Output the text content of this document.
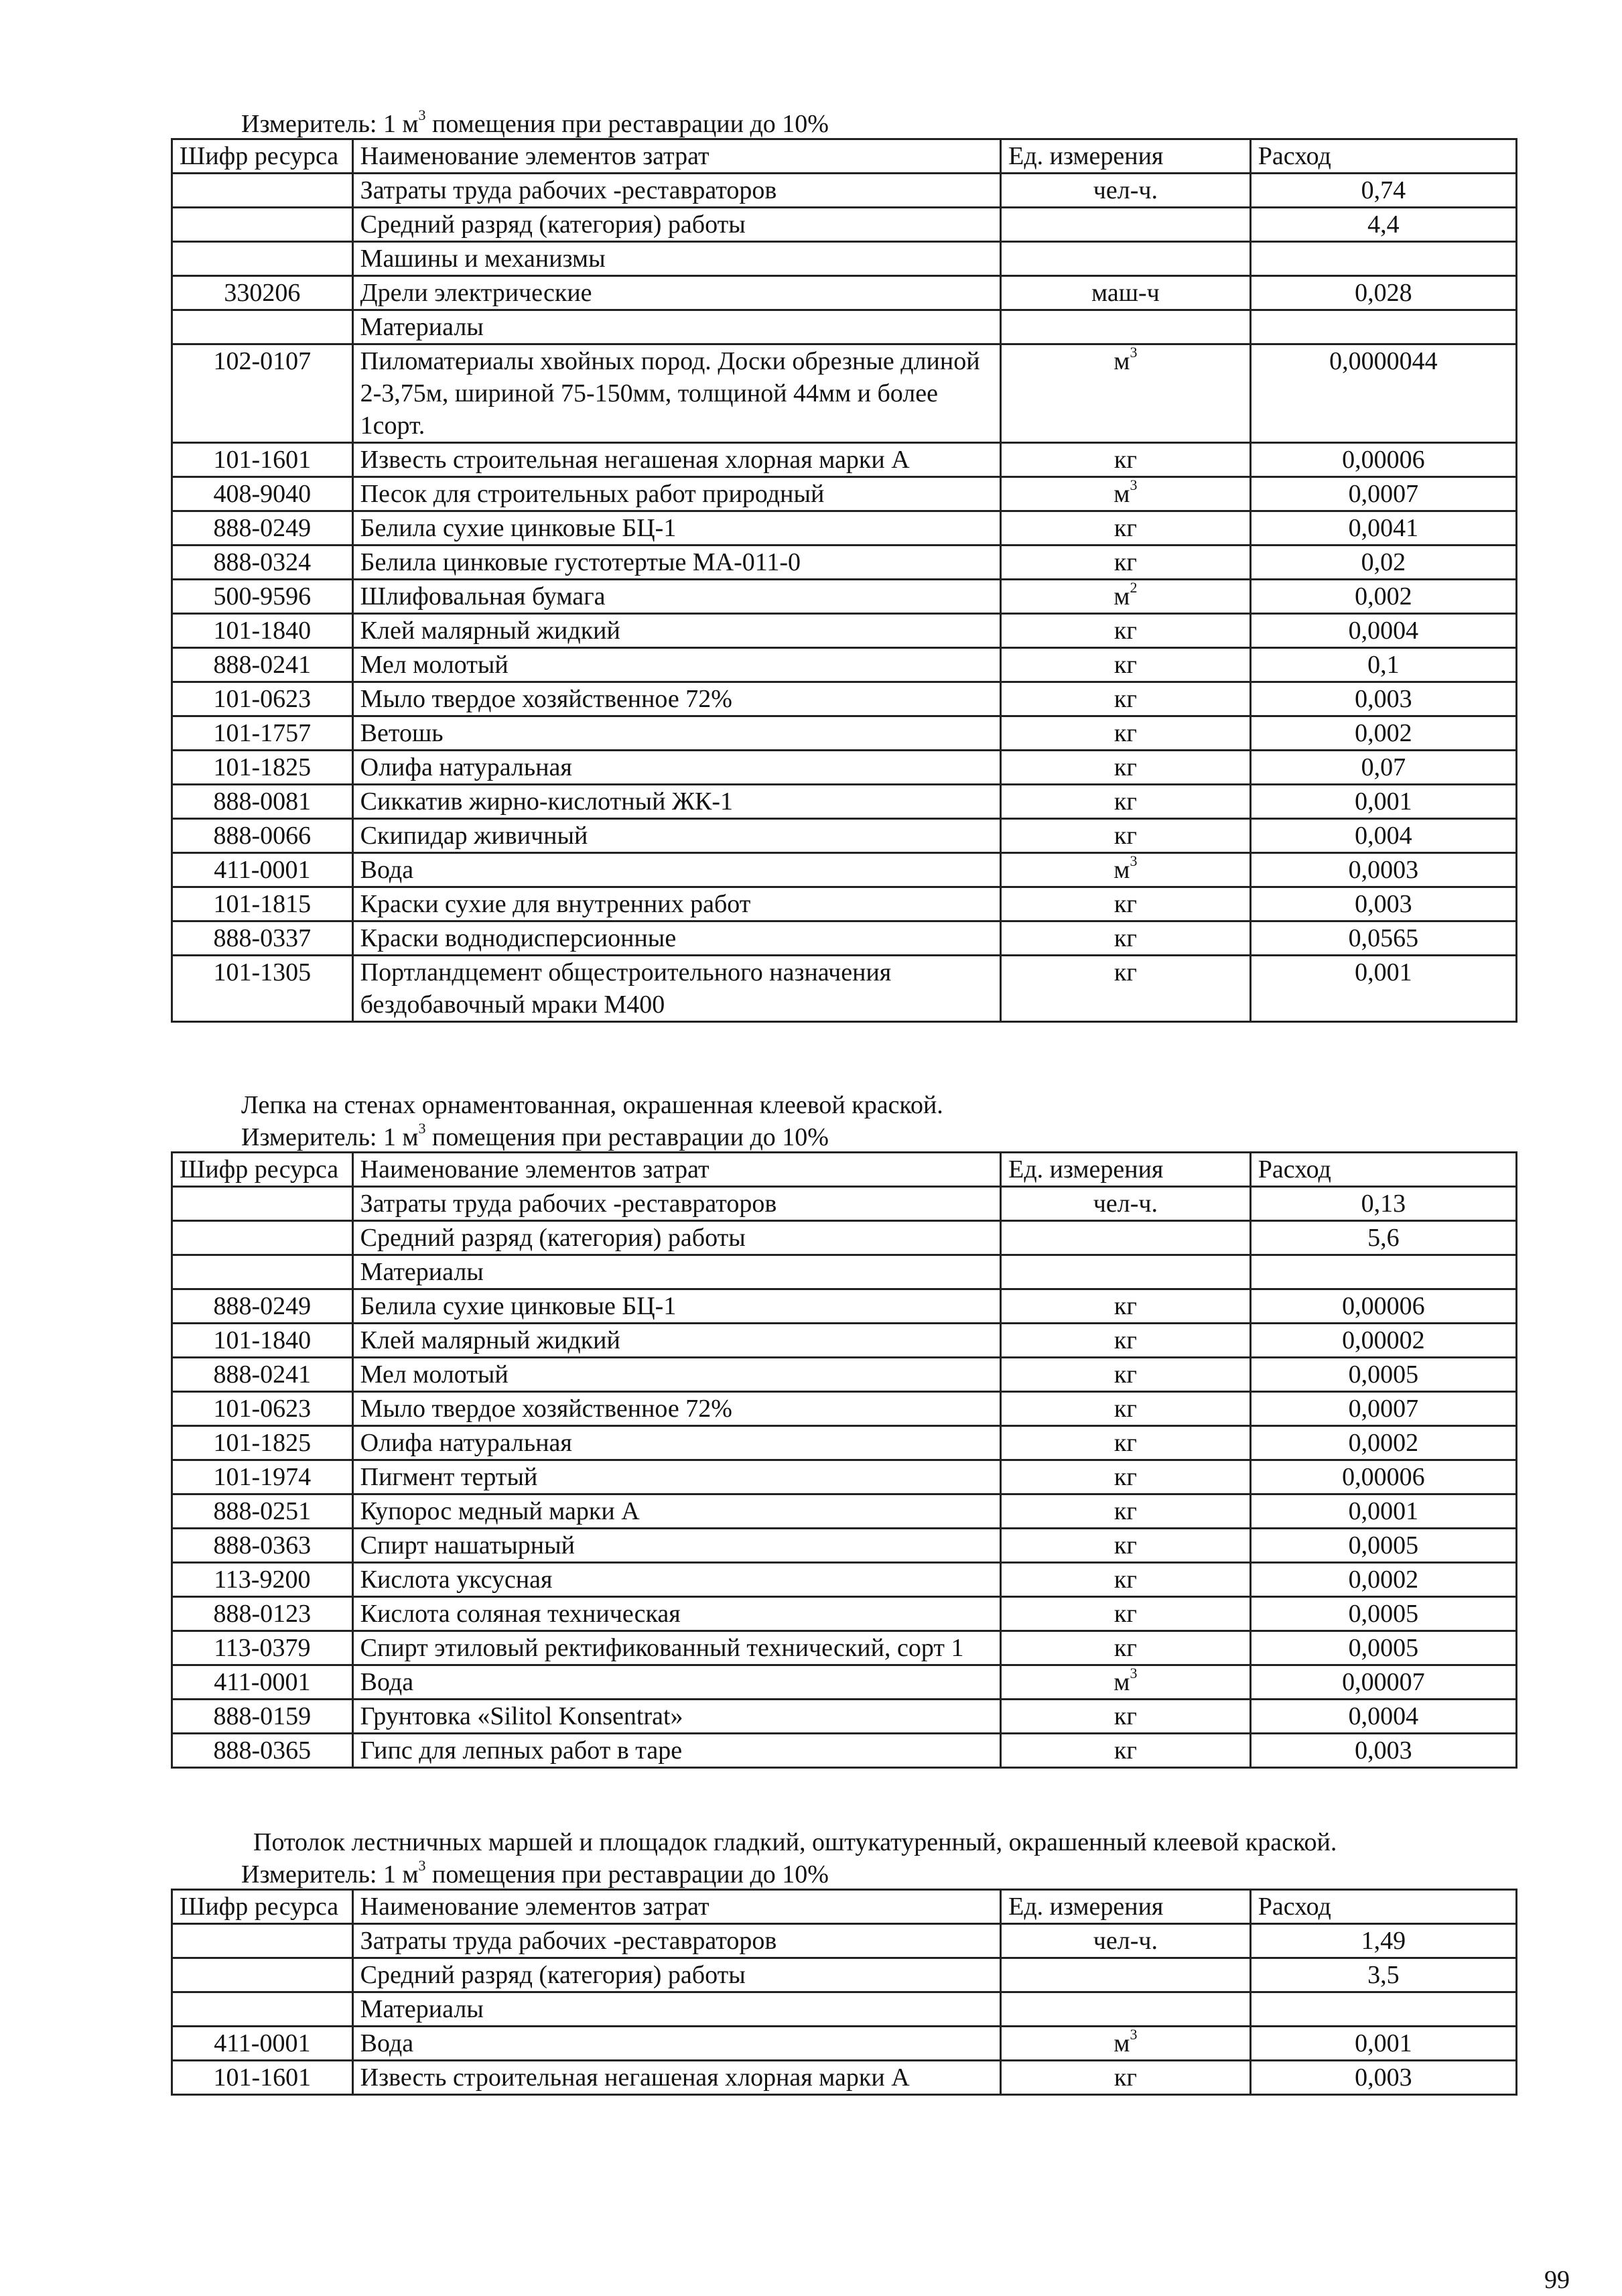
Измеритель: 1 $м^3$ помещения при реставрации до 10%
Шифр ресурса	Наименование элементов затрат	Ед. измерения	Расход
	Затраты труда рабочих -реставраторов	чел-ч.	0,74
	Средний разряд (категория) работы		4,4
	Машины и механизмы		
330206	Дрели электрические	маш-ч	0,028
	Материалы		
102-0107	Пиломатериалы хвойных пород. Доски обрезные длиной 2-3,75м, шириной 75-150мм, толщиной 44мм и более 1сорт.	$м^3$	0,0000044
101-1601	Известь строительная негашеная хлорная марки А	кг	0,00006
408-9040	Песок для строительных работ природный	$м^3$	0,0007
888-0249	Белила сухие цинковые БЦ-1	кг	0,0041
888-0324	Белила цинковые густотертые МА-011-0	кг	0,02
500-9596	Шлифовальная бумага	$м^2$	0,002
101-1840	Клей малярный жидкий	кг	0,0004
888-0241	Мел молотый	кг	0,1
101-0623	Мыло твердое хозяйственное 72%	кг	0,003
101-1757	Ветошь	кг	0,002
101-1825	Олифа натуральная	кг	0,07
888-0081	Сиккатив жирно-кислотный ЖК-1	кг	0,001
888-0066	Скипидар живичный	кг	0,004
411-0001	Вода	$м^3$	0,0003
101-1815	Краски сухие для внутренних работ	кг	0,003
888-0337	Краски воднодисперсионные	кг	0,0565
101-1305	Портландцемент общестроительного назначения бездобавочный мраки М400	кг	0,001
Лепка на стенах орнаментованная, окрашенная клеевой краской.
Измеритель: 1 $м^3$ помещения при реставрации до 10%
Шифр ресурса	Наименование элементов затрат	Ед. измерения	Расход
	Затраты труда рабочих -реставраторов	чел-ч.	0,13
	Средний разряд (категория) работы		5,6
	Материалы		
888-0249	Белила сухие цинковые БЦ-1	кг	0,00006
101-1840	Клей малярный жидкий	кг	0,00002
888-0241	Мел молотый	кг	0,0005
101-0623	Мыло твердое хозяйственное 72%	кг	0,0007
101-1825	Олифа натуральная	кг	0,0002
101-1974	Пигмент тертый	кг	0,00006
888-0251	Купорос медный марки А	кг	0,0001
888-0363	Спирт нашатырный	кг	0,0005
113-9200	Кислота уксусная	кг	0,0002
888-0123	Кислота соляная техническая	кг	0,0005
113-0379	Спирт этиловый ректификованный технический, сорт 1	кг	0,0005
411-0001	Вода	$м^3$	0,00007
888-0159	Грунтовка «Silitol Konsentrat»	кг	0,0004
888-0365	Гипс для лепных работ в таре	кг	0,003
Потолок лестничных маршей и площадок гладкий, оштукатуренный, окрашенный клеевой краской.
Измеритель: 1 $м^3$ помещения при реставрации до 10%
Шифр ресурса	Наименование элементов затрат	Ед. измерения	Расход
	Затраты труда рабочих -реставраторов	чел-ч.	1,49
	Средний разряд (категория) работы		3,5
	Материалы		
411-0001	Вода	$м^3$	0,001
101-1601	Известь строительная негашеная хлорная марки А	кг	0,003
99
